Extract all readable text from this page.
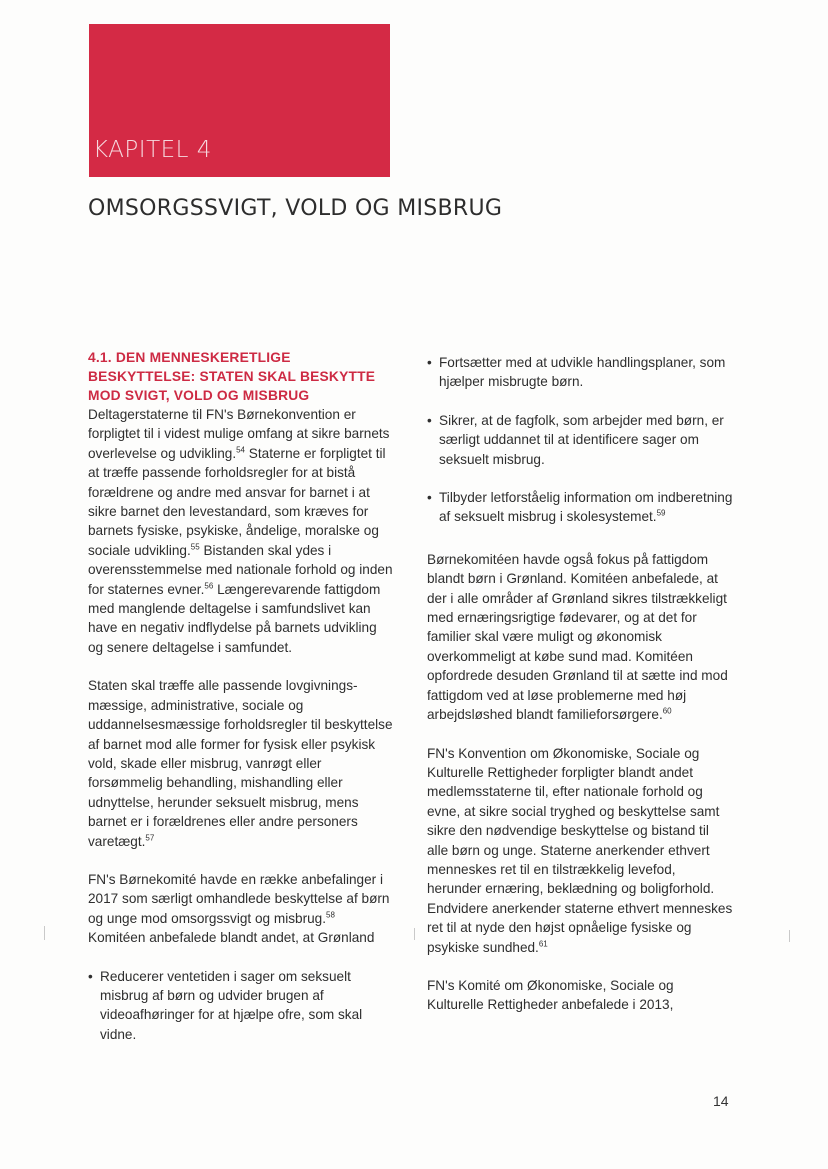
KAPITEL 4
OMSORGSSVIGT, VOLD OG MISBRUG
4.1. DEN MENNESKERETLIGE BESKYTTELSE: STATEN SKAL BESKYTTE MOD SVIGT, VOLD OG MISBRUG

Deltagerstaterne til FN's Børnekonvention er forpligtet til i videst mulige omfang at sikre barnets overlevelse og udvikling.$^{54}$ Staterne er forpligtet til at træffe passende forholdsregler for at bistå forældrene og andre med ansvar for barnet i at sikre barnet den levestandard, som kræves for barnets fysiske, psykiske, åndelige, moralske og sociale udvikling.$^{55}$ Bistanden skal ydes i overensstemmelse med nationale forhold og inden for staternes evner.$^{56}$ Længerevarende fattigdom med manglende deltagelse i samfundslivet kan have en negativ indflydelse på barnets udvikling og senere deltagelse i samfundet.

Staten skal træffe alle passende lovgivnings-mæssige, administrative, sociale og uddannelsesmæssige forholdsregler til beskyttelse af barnet mod alle former for fysisk eller psykisk vold, skade eller misbrug, vanrøgt eller forsømmelig behandling, mishandling eller udnyttelse, herunder seksuelt misbrug, mens barnet er i forældrenes eller andre personers varetægt.$^{57}$

FN's Børnekomité havde en række anbefalinger i 2017 som særligt omhandlede beskyttelse af børn og unge mod omsorgssvigt og misbrug.$^{58}$ Komitéen anbefalede blandt andet, at Grønland

• Reducerer ventetiden i sager om seksuelt misbrug af børn og udvider brugen af videoafhøringer for at hjælpe ofre, som skal vidne.
• Fortsætter med at udvikle handlingsplaner, som hjælper misbrugte børn.
• Sikrer, at de fagfolk, som arbejder med børn, er særligt uddannet til at identificere sager om seksuelt misbrug.
• Tilbyder letforståelig information om indberetning af seksuelt misbrug i skolesystemet.$^{59}$

Børnekomitéen havde også fokus på fattigdom blandt børn i Grønland. Komitéen anbefalede, at der i alle områder af Grønland sikres tilstrækkeligt med ernæringsrigtige fødevarer, og at det for familier skal være muligt og økonomisk overkommeligt at købe sund mad. Komitéen opfordrede desuden Grønland til at sætte ind mod fattigdom ved at løse problemerne med høj arbejdsløshed blandt familieforsørgere.$^{60}$

FN's Konvention om Økonomiske, Sociale og Kulturelle Rettigheder forpligter blandt andet medlemsstaterne til, efter nationale forhold og evne, at sikre social tryghed og beskyttelse samt sikre den nødvendige beskyttelse og bistand til alle børn og unge. Staterne anerkender ethvert menneskes ret til en tilstrækkelig levefod, herunder ernæring, beklædning og boligforhold. Endvidere anerkender staterne ethvert menneskes ret til at nyde den højst opnåelige fysiske og psykiske sundhed.$^{61}$

FN's Komité om Økonomiske, Sociale og Kulturelle Rettigheder anbefalede i 2013,

14
